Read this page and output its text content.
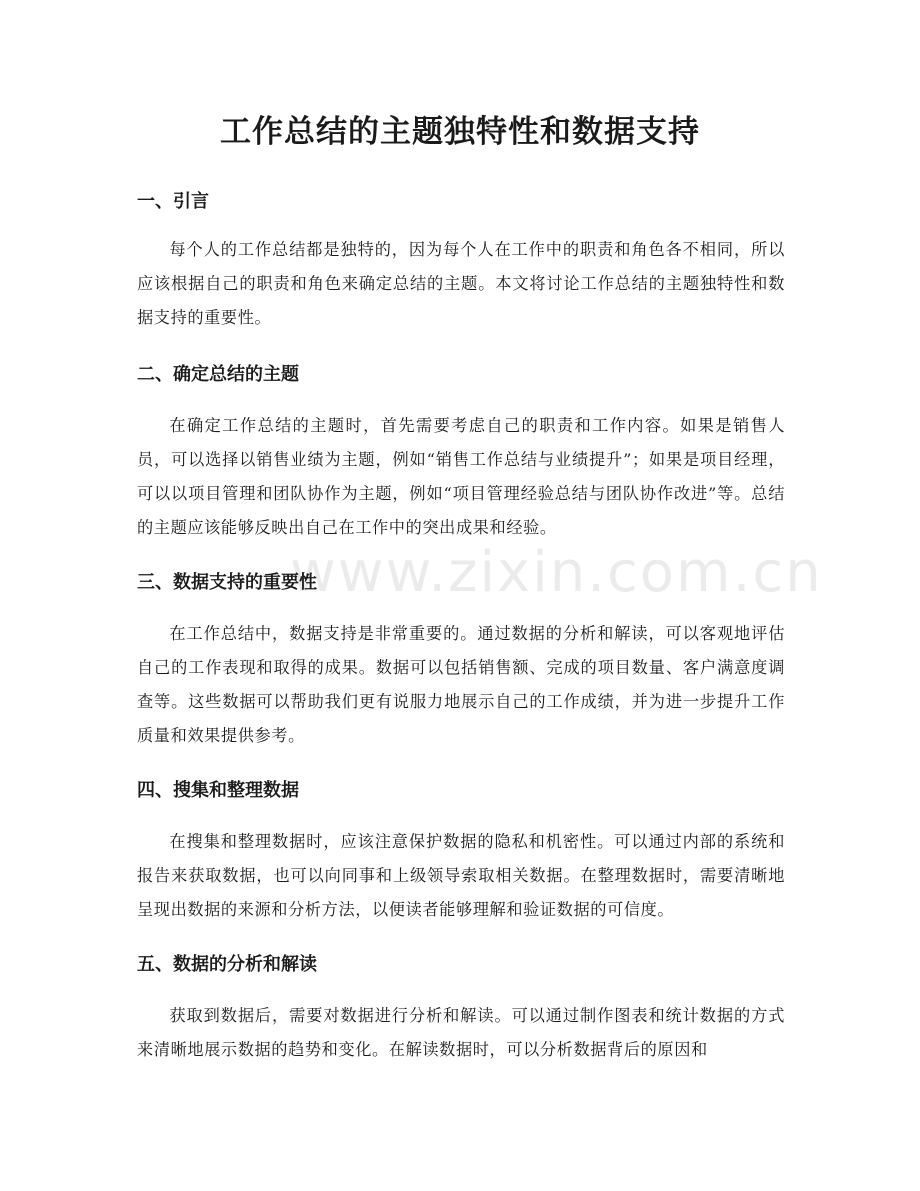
www.zixin.com.cn
工作总结的主题独特性和数据支持
一、引言
每个人的工作总结都是独特的，因为每个人在工作中的职责和角色各不相同，所以应该根据自己的职责和角色来确定总结的主题。本文将讨论工作总结的主题独特性和数据支持的重要性。
二、确定总结的主题
在确定工作总结的主题时，首先需要考虑自己的职责和工作内容。如果是销售人员，可以选择以销售业绩为主题，例如“销售工作总结与业绩提升”；如果是项目经理，可以以项目管理和团队协作为主题，例如“项目管理经验总结与团队协作改进”等。总结的主题应该能够反映出自己在工作中的突出成果和经验。
三、数据支持的重要性
在工作总结中，数据支持是非常重要的。通过数据的分析和解读，可以客观地评估自己的工作表现和取得的成果。数据可以包括销售额、完成的项目数量、客户满意度调查等。这些数据可以帮助我们更有说服力地展示自己的工作成绩，并为进一步提升工作质量和效果提供参考。
四、搜集和整理数据
在搜集和整理数据时，应该注意保护数据的隐私和机密性。可以通过内部的系统和报告来获取数据，也可以向同事和上级领导索取相关数据。在整理数据时，需要清晰地呈现出数据的来源和分析方法，以便读者能够理解和验证数据的可信度。
五、数据的分析和解读
获取到数据后，需要对数据进行分析和解读。可以通过制作图表和统计数据的方式来清晰地展示数据的趋势和变化。在解读数据时，可以分析数据背后的原因和
